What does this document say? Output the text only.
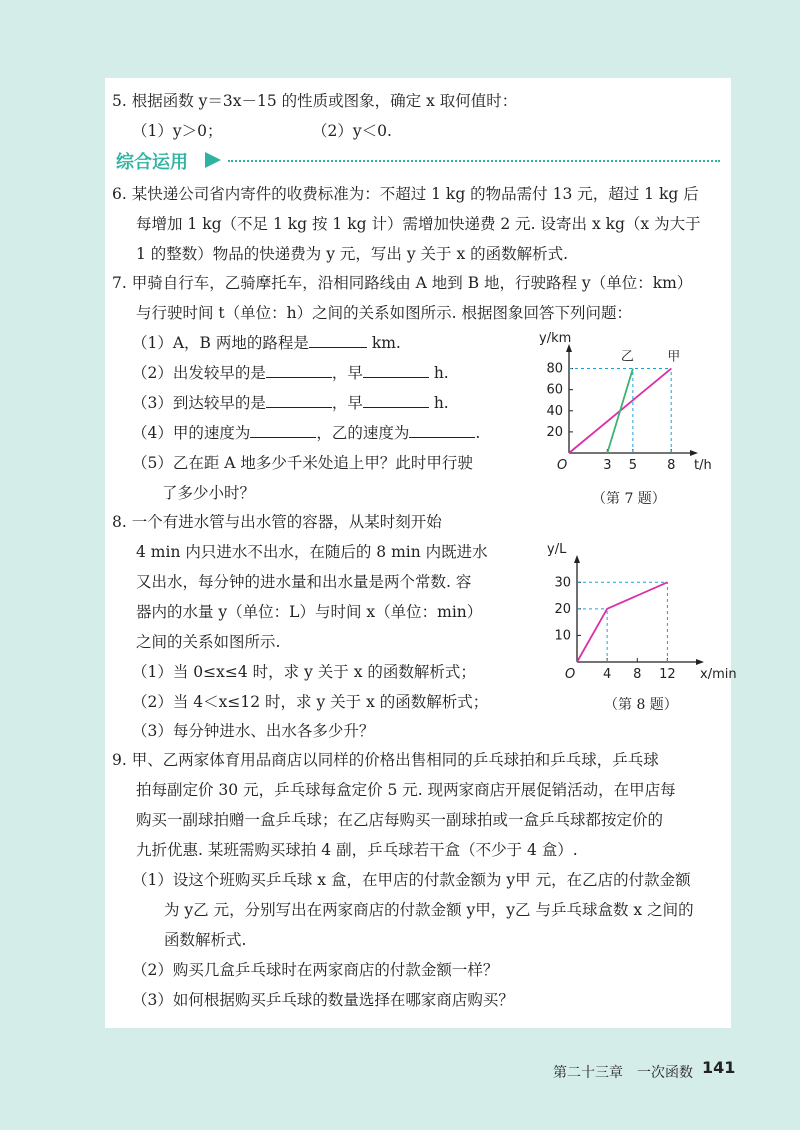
5. 根据函数 y＝3x－15 的性质或图象，确定 x 取何值时：
（1）y＞0；	（2）y＜0.
综合运用
6. 某快递公司省内寄件的收费标准为：不超过 1 kg 的物品需付 13 元，超过 1 kg 后
每增加 1 kg（不足 1 kg 按 1 kg 计）需增加快递费 2 元. 设寄出 x kg（x 为大于
1 的整数）物品的快递费为 y 元，写出 y 关于 x 的函数解析式.
7. 甲骑自行车，乙骑摩托车，沿相同路线由 A 地到 B 地，行驶路程 y（单位：km）
与行驶时间 t（单位：h）之间的关系如图所示. 根据图象回答下列问题：
（1）A，B 两地的路程是	km.
（2）出发较早的是	，早	h.
（3）到达较早的是	，早	h.
（4）甲的速度为	，乙的速度为	.
（5）乙在距 A 地多少千米处追上甲？此时甲行驶
了多少小时？
t/h
y/km
O
20
40
60
80
3 5 8
甲
乙
（第 7 题）
8. 一个有进水管与出水管的容器，从某时刻开始
4 min 内只进水不出水，在随后的 8 min 内既进水
又出水，每分钟的进水量和出水量是两个常数. 容
器内的水量 y（单位：L）与时间 x（单位：min）
之间的关系如图所示.
（1）当 0≤x≤4 时，求 y 关于 x 的函数解析式；
（2）当 4＜x≤12 时，求 y 关于 x 的函数解析式；
（3）每分钟进水、出水各多少升？
x/min
y/L
O
10
20
30
4 8 12
（第 8 题）
9. 甲、乙两家体育用品商店以同样的价格出售相同的乒乓球拍和乒乓球，乒乓球
拍每副定价 30 元，乒乓球每盒定价 5 元. 现两家商店开展促销活动，在甲店每
购买一副球拍赠一盒乒乓球；在乙店每购买一副球拍或一盒乒乓球都按定价的
九折优惠. 某班需购买球拍 4 副，乒乓球若干盒（不少于 4 盒）.
（1）设这个班购买乒乓球 x 盒，在甲店的付款金额为 y甲 元，在乙店的付款金额
为 y乙 元，分别写出在两家商店的付款金额 y甲，y乙 与乒乓球盒数 x 之间的
函数解析式.
（2）购买几盒乒乓球时在两家商店的付款金额一样？
（3）如何根据购买乒乓球的数量选择在哪家商店购买？
第二十三章　一次函数 141
